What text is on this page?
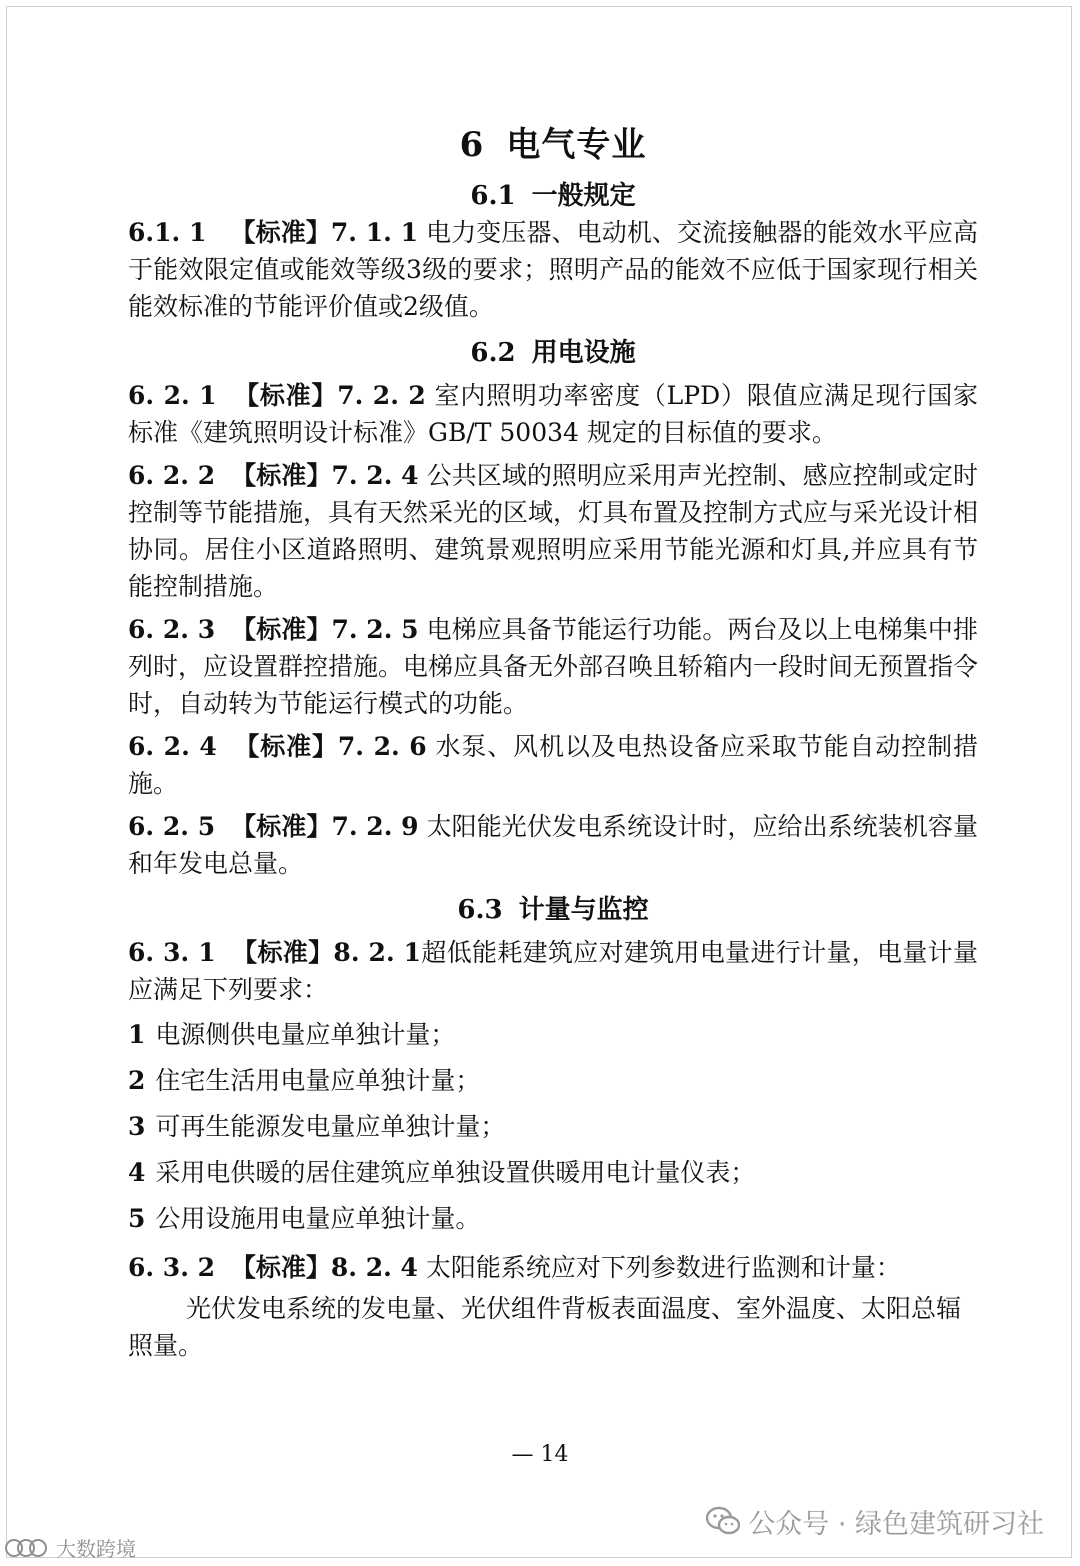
6 电气专业
6.1 一般规定

6.1. 1 【标准】7. 1. 1 电力变压器、电动机、交流接触器的能效水平应高于能效限定值或能效等级3级的要求；照明产品的能效不应低于国家现行相关能效标准的节能评价值或2级值。

6.2 用电设施

6. 2. 1 【标准】7. 2. 2 室内照明功率密度（LPD）限值应满足现行国家标准《建筑照明设计标准》GB/T 50034 规定的目标值的要求。

6. 2. 2 【标准】7. 2. 4 公共区域的照明应采用声光控制、感应控制或定时控制等节能措施，具有天然采光的区域，灯具布置及控制方式应与采光设计相协同。居住小区道路照明、建筑景观照明应采用节能光源和灯具,并应具有节能控制措施。

6. 2. 3 【标准】7. 2. 5 电梯应具备节能运行功能。两台及以上电梯集中排列时，应设置群控措施。电梯应具备无外部召唤且轿箱内一段时间无预置指令时，自动转为节能运行模式的功能。

6. 2. 4 【标准】7. 2. 6 水泵、风机以及电热设备应采取节能自动控制措施。

6. 2. 5 【标准】7. 2. 9 太阳能光伏发电系统设计时，应给出系统装机容量和年发电总量。

6.3 计量与监控

6. 3. 1 【标准】8. 2. 1超低能耗建筑应对建筑用电量进行计量，电量计量应满足下列要求：

1 电源侧供电量应单独计量；

2 住宅生活用电量应单独计量；

3 可再生能源发电量应单独计量；

4 采用电供暖的居住建筑应单独设置供暖用电计量仪表；

5 公用设施用电量应单独计量。

6. 3. 2 【标准】8. 2. 4 太阳能系统应对下列参数进行监测和计量：

光伏发电系统的发电量、光伏组件背板表面温度、室外温度、太阳总辐照量。

— 14
公众号 · 绿色建筑研习社
大数跨境
